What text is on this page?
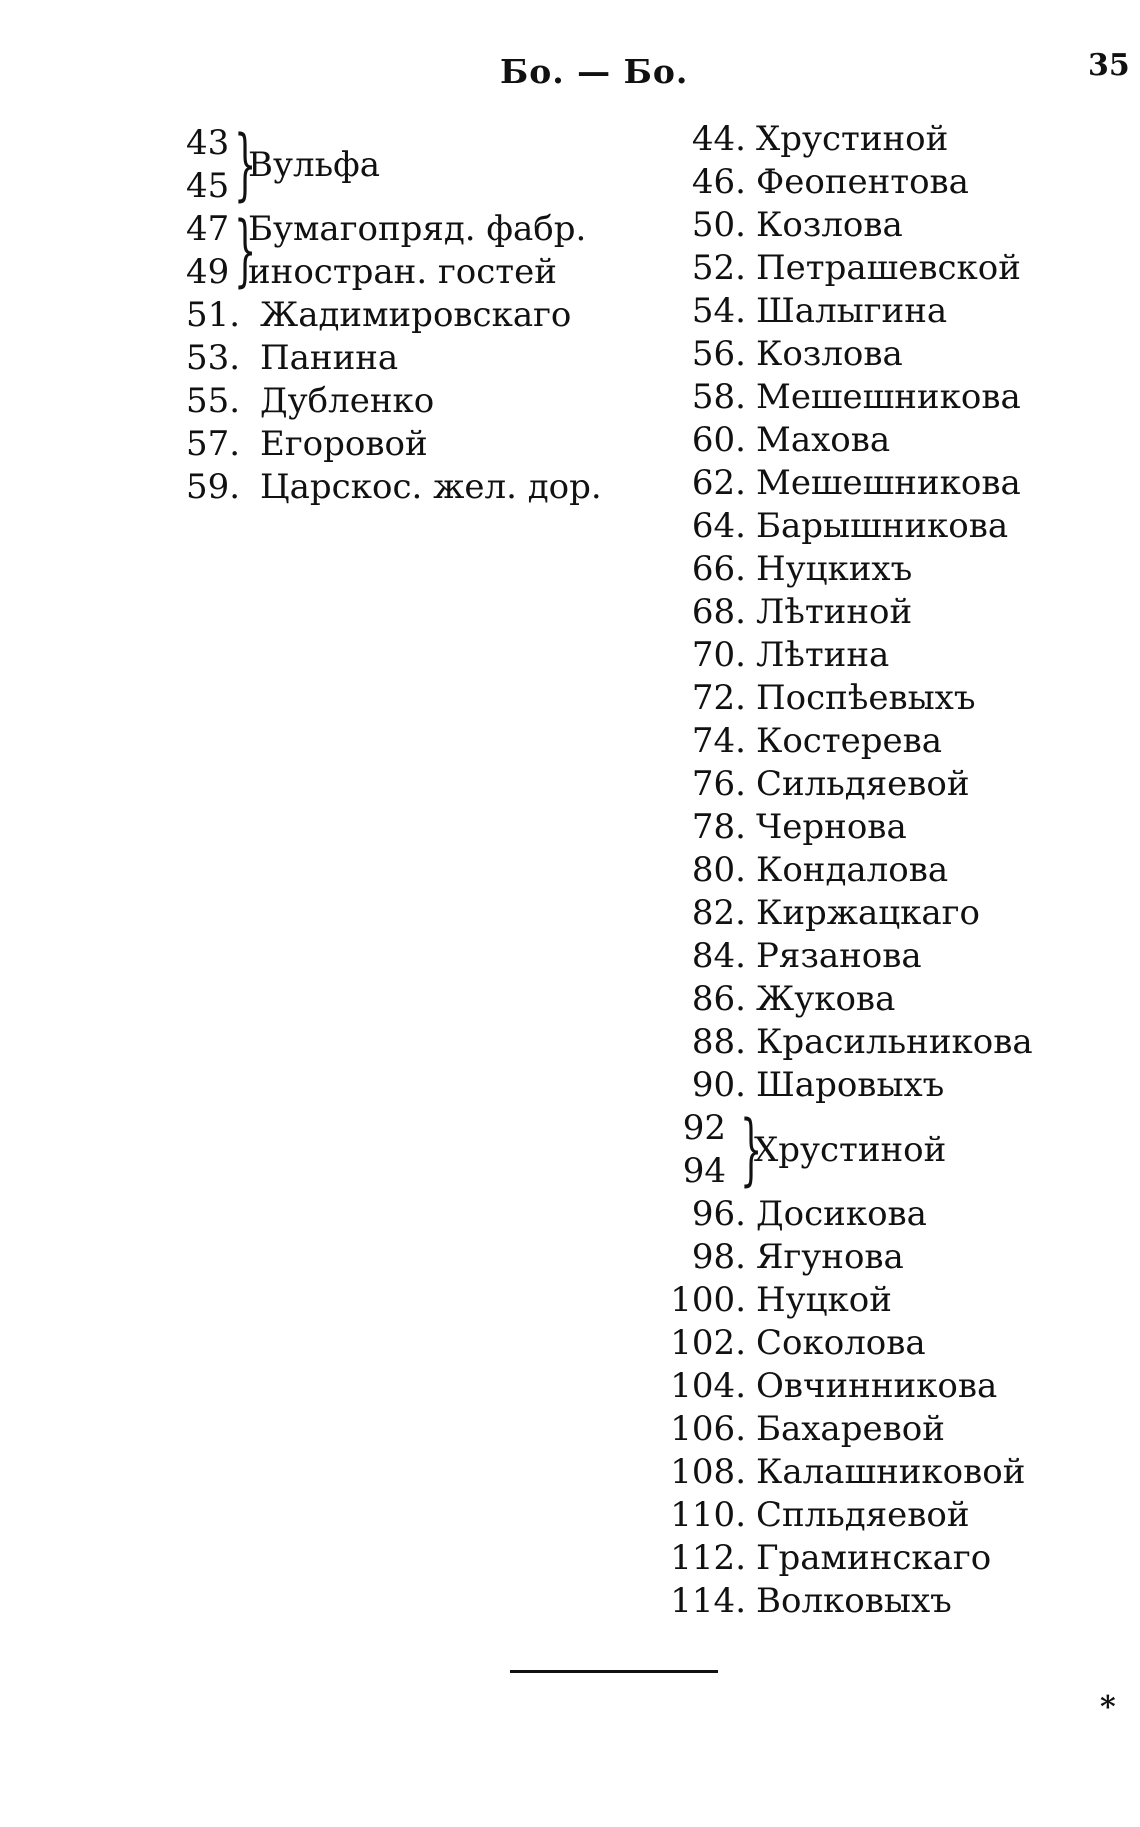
Бо. — Бо.	35
43
45 }
Вульфа
47
49 }
Бумагопряд. фабр.
иностран. гостей
51. Жадимировскаго
53. Панина
55. Дубленко
57. Егоровой
59. Царскос. жел. дор.
44. Хрустиной
46. Феопентова
50. Козлова
52. Петрашевской
54. Шалыгина
56. Козлова
58. Мешешникова
60. Махова
62. Мешешникова
64. Барышникова
66. Нуцкихъ
68. Лѣтиной
70. Лѣтина
72. Поспѣевыхъ
74. Костерева
76. Сильдяевой
78. Чернова
80. Кондалова
82. Киржацкаго
84. Рязанова
86. Жукова
88. Красильникова
90. Шаровыхъ
92
94 }
Хрустиной
96. Досикова
98. Ягунова
100. Нуцкой
102. Соколова
104. Овчинникова
106. Бахаревой
108. Калашниковой
110. Спльдяевой
112. Граминскаго
114. Волковыхъ
*
